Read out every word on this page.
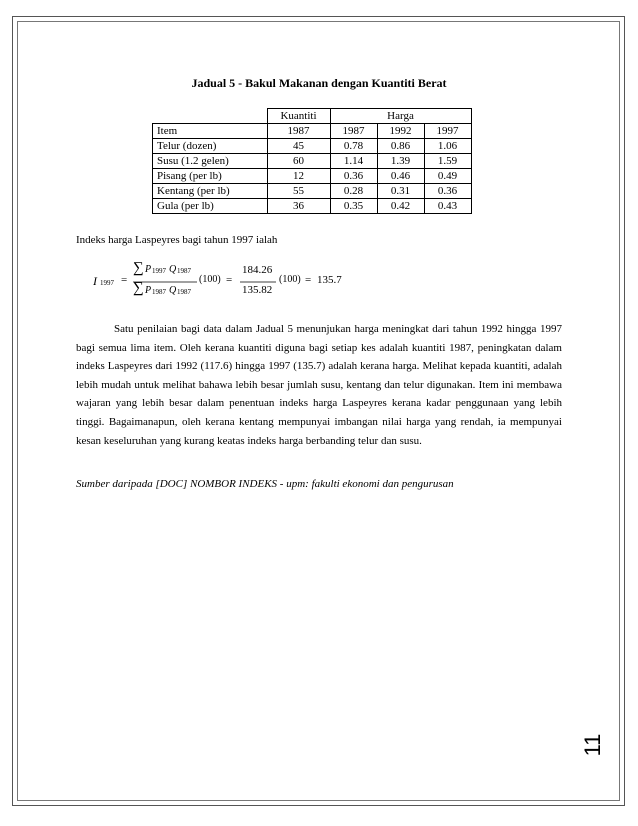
Jadual 5 - Bakul Makanan dengan Kuantiti Berat
	Kuantiti	Harga		
Item	1987	1987	1992	1997
Telur (dozen)	45	0.78	0.86	1.06
Susu (1.2 gelen)	60	1.14	1.39	1.59
Pisang (per lb)	12	0.36	0.46	0.49
Kentang (per lb)	55	0.28	0.31	0.36
Gula (per lb)	36	0.35	0.42	0.43
Indeks harga Laspeyres bagi tahun 1997 ialah
I 1997 =
∑ P 1997 Q 1987
∑ P 1987 Q 1987
(100) =
184.26
135.82
(100) = 135.7

Satu penilaian bagi data dalam Jadual 5 menunjukan harga meningkat dari tahun 1992 hingga 1997 bagi semua lima item. Oleh kerana kuantiti diguna bagi setiap kes adalah kuantiti 1987, peningkatan dalam indeks Laspeyres dari 1992 (117.6) hingga 1997 (135.7) adalah kerana harga. Melihat kepada kuantiti, adalah lebih mudah untuk melihat bahawa lebih besar jumlah susu, kentang dan telur digunakan. Item ini membawa wajaran yang lebih besar dalam penentuan indeks harga Laspeyres kerana kadar penggunaan yang lebih tinggi. Bagaimanapun, oleh kerana kentang mempunyai imbangan nilai harga yang rendah, ia mempunyai kesan keseluruhan yang kurang keatas indeks harga berbanding telur dan susu.

Sumber daripada [DOC] NOMBOR INDEKS - upm: fakulti ekonomi dan pengurusan
11
